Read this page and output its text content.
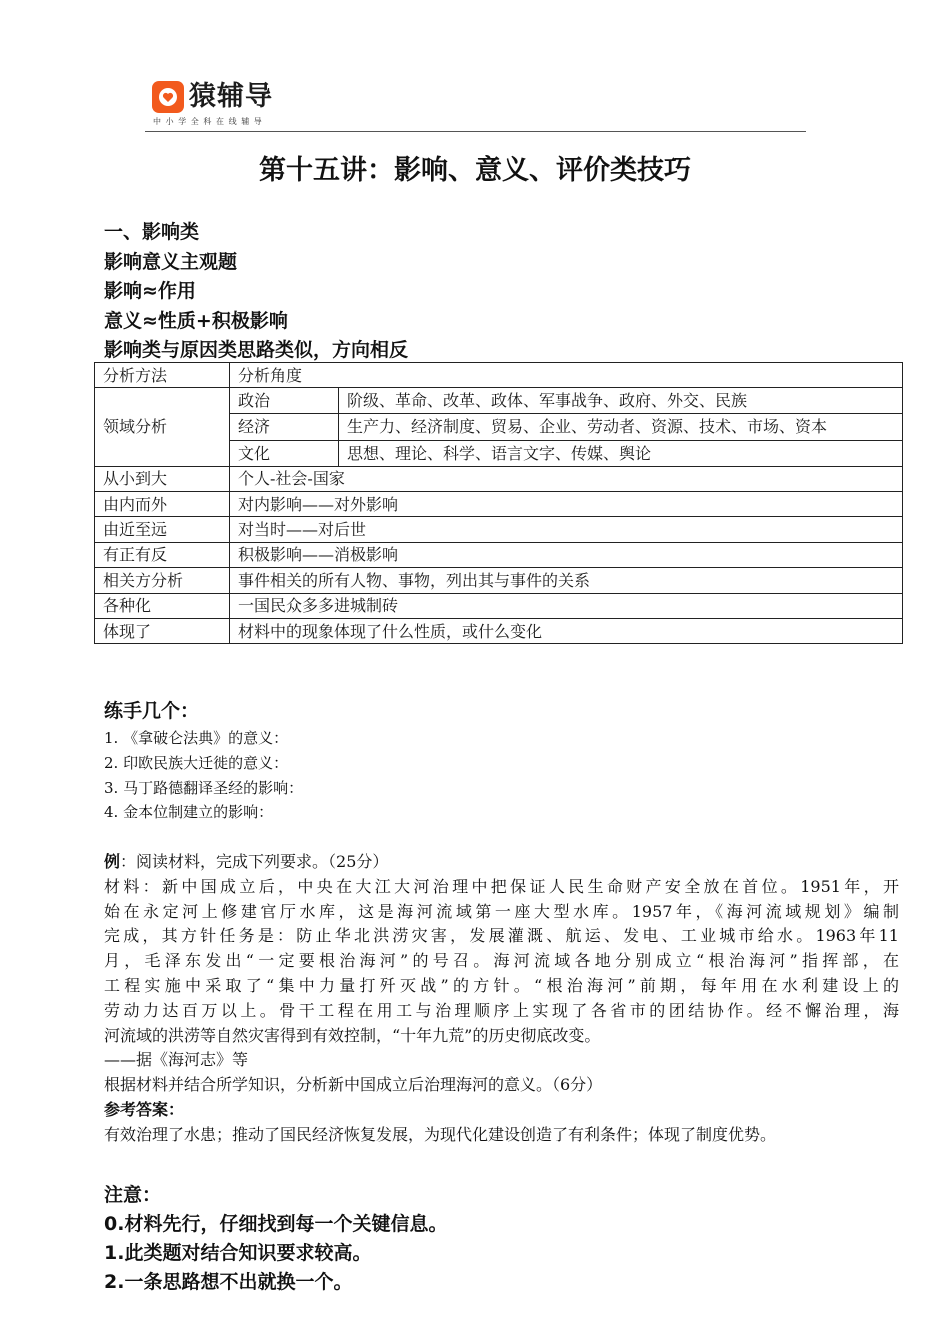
猿辅导
中小学全科在线辅导
第十五讲：影响、意义、评价类技巧
一、影响类
影响意义主观题
影响≈作用
意义≈性质+积极影响
影响类与原因类思路类似，方向相反
分析方法	分析角度	
领域分析	政治	阶级、革命、改革、政体、军事战争、政府、外交、民族
	经济	生产力、经济制度、贸易、企业、劳动者、资源、技术、市场、资本
	文化	思想、理论、科学、语言文字、传媒、舆论
从小到大	个人-社会-国家	
由内而外	对内影响——对外影响	
由近至远	对当时——对后世	
有正有反	积极影响——消极影响	
相关方分析	事件相关的所有人物、事物，列出其与事件的关系	
各种化	一国民众多多进城制砖	
体现了	材料中的现象体现了什么性质，或什么变化	
练手几个：
1. 《拿破仑法典》的意义：
2. 印欧民族大迁徙的意义：
3. 马丁路德翻译圣经的影响：
4. 金本位制建立的影响：
例：阅读材料，完成下列要求。（25分）
材料：新中国成立后，中央在大江大河治理中把保证人民生命财产安全放在首位。1951年，开
始在永定河上修建官厅水库，这是海河流域第一座大型水库。1957年，《海河流域规划》编制
完成，其方针任务是：防止华北洪涝灾害，发展灌溉、航运、发电、工业城市给水。1963年11
月，毛泽东发出“一定要根治海河”的号召。海河流域各地分别成立“根治海河”指挥部，在
工程实施中采取了“集中力量打歼灭战”的方针。“根治海河”前期，每年用在水利建设上的
劳动力达百万以上。骨干工程在用工与治理顺序上实现了各省市的团结协作。经不懈治理，海
河流域的洪涝等自然灾害得到有效控制，“十年九荒”的历史彻底改变。
——据《海河志》等
根据材料并结合所学知识，分析新中国成立后治理海河的意义。（6分）
参考答案：
有效治理了水患；推动了国民经济恢复发展，为现代化建设创造了有利条件；体现了制度优势。
注意：
0.材料先行，仔细找到每一个关键信息。
1.此类题对结合知识要求较高。
2.一条思路想不出就换一个。
